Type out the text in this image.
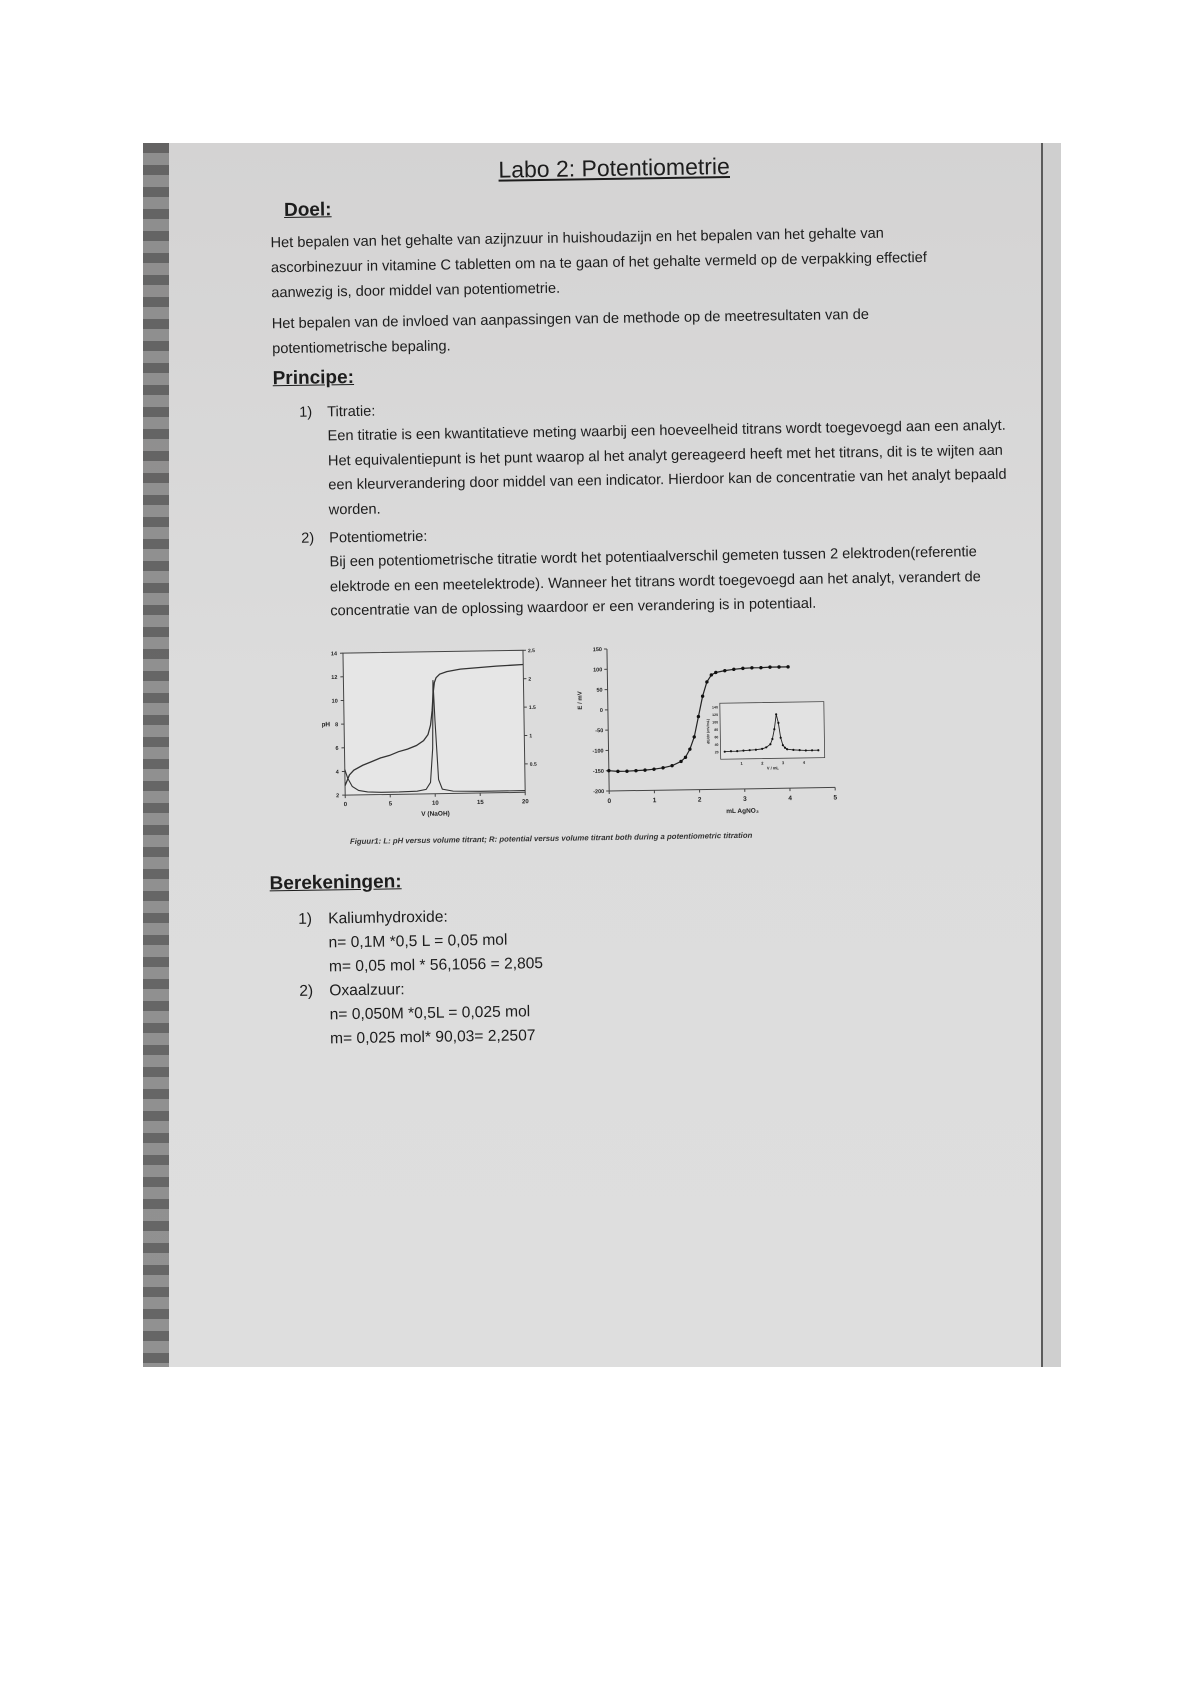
Labo 2: Potentiometrie
Doel:
Het bepalen van het gehalte van azijnzuur in huishoudazijn en het bepalen van het gehalte van ascorbinezuur in vitamine C tabletten om na te gaan of het gehalte vermeld op de verpakking effectief aanwezig is, door middel van potentiometrie.
Het bepalen van de invloed van aanpassingen van de methode op de meetresultaten van de potentiometrische bepaling.
Principe:
1) Titratie:
Een titratie is een kwantitatieve meting waarbij een hoeveelheid titrans wordt toegevoegd aan een analyt. Het equivalentiepunt is het punt waarop al het analyt gereageerd heeft met het titrans, dit is te wijten aan een kleurverandering door middel van een indicator. Hierdoor kan de concentratie van het analyt bepaald worden.
2) Potentiometrie:
Bij een potentiometrische titratie wordt het potentiaalverschil gemeten tussen 2 elektroden(referentie elektrode en een meetelektrode). Wanneer het titrans wordt toegevoegd aan het analyt, verandert de concentratie van de oplossing waardoor er een verandering is in potentiaal.
0	5	10	15	20
2
4
6
8
10
12
14
0.5
1
1.5
2
2.5
pH
V (NaOH)
0	1	2	3	4	5
-200
-150
-100
-50
0
50
100
150
E / mV
mL AgNO₃
20
40
60
80
100
120
140
1	2	3	4
dE/dV (mV/mL)
V / mL
Figuur1: L: pH versus volume titrant; R: potential versus volume titrant both during a potentiometric titration
Berekeningen:
1) Kaliumhydroxide:
n= 0,1M *0,5 L = 0,05 mol
m= 0,05 mol * 56,1056 = 2,805
2) Oxaalzuur:
n= 0,050M *0,5L = 0,025 mol
m= 0,025 mol* 90,03= 2,2507
